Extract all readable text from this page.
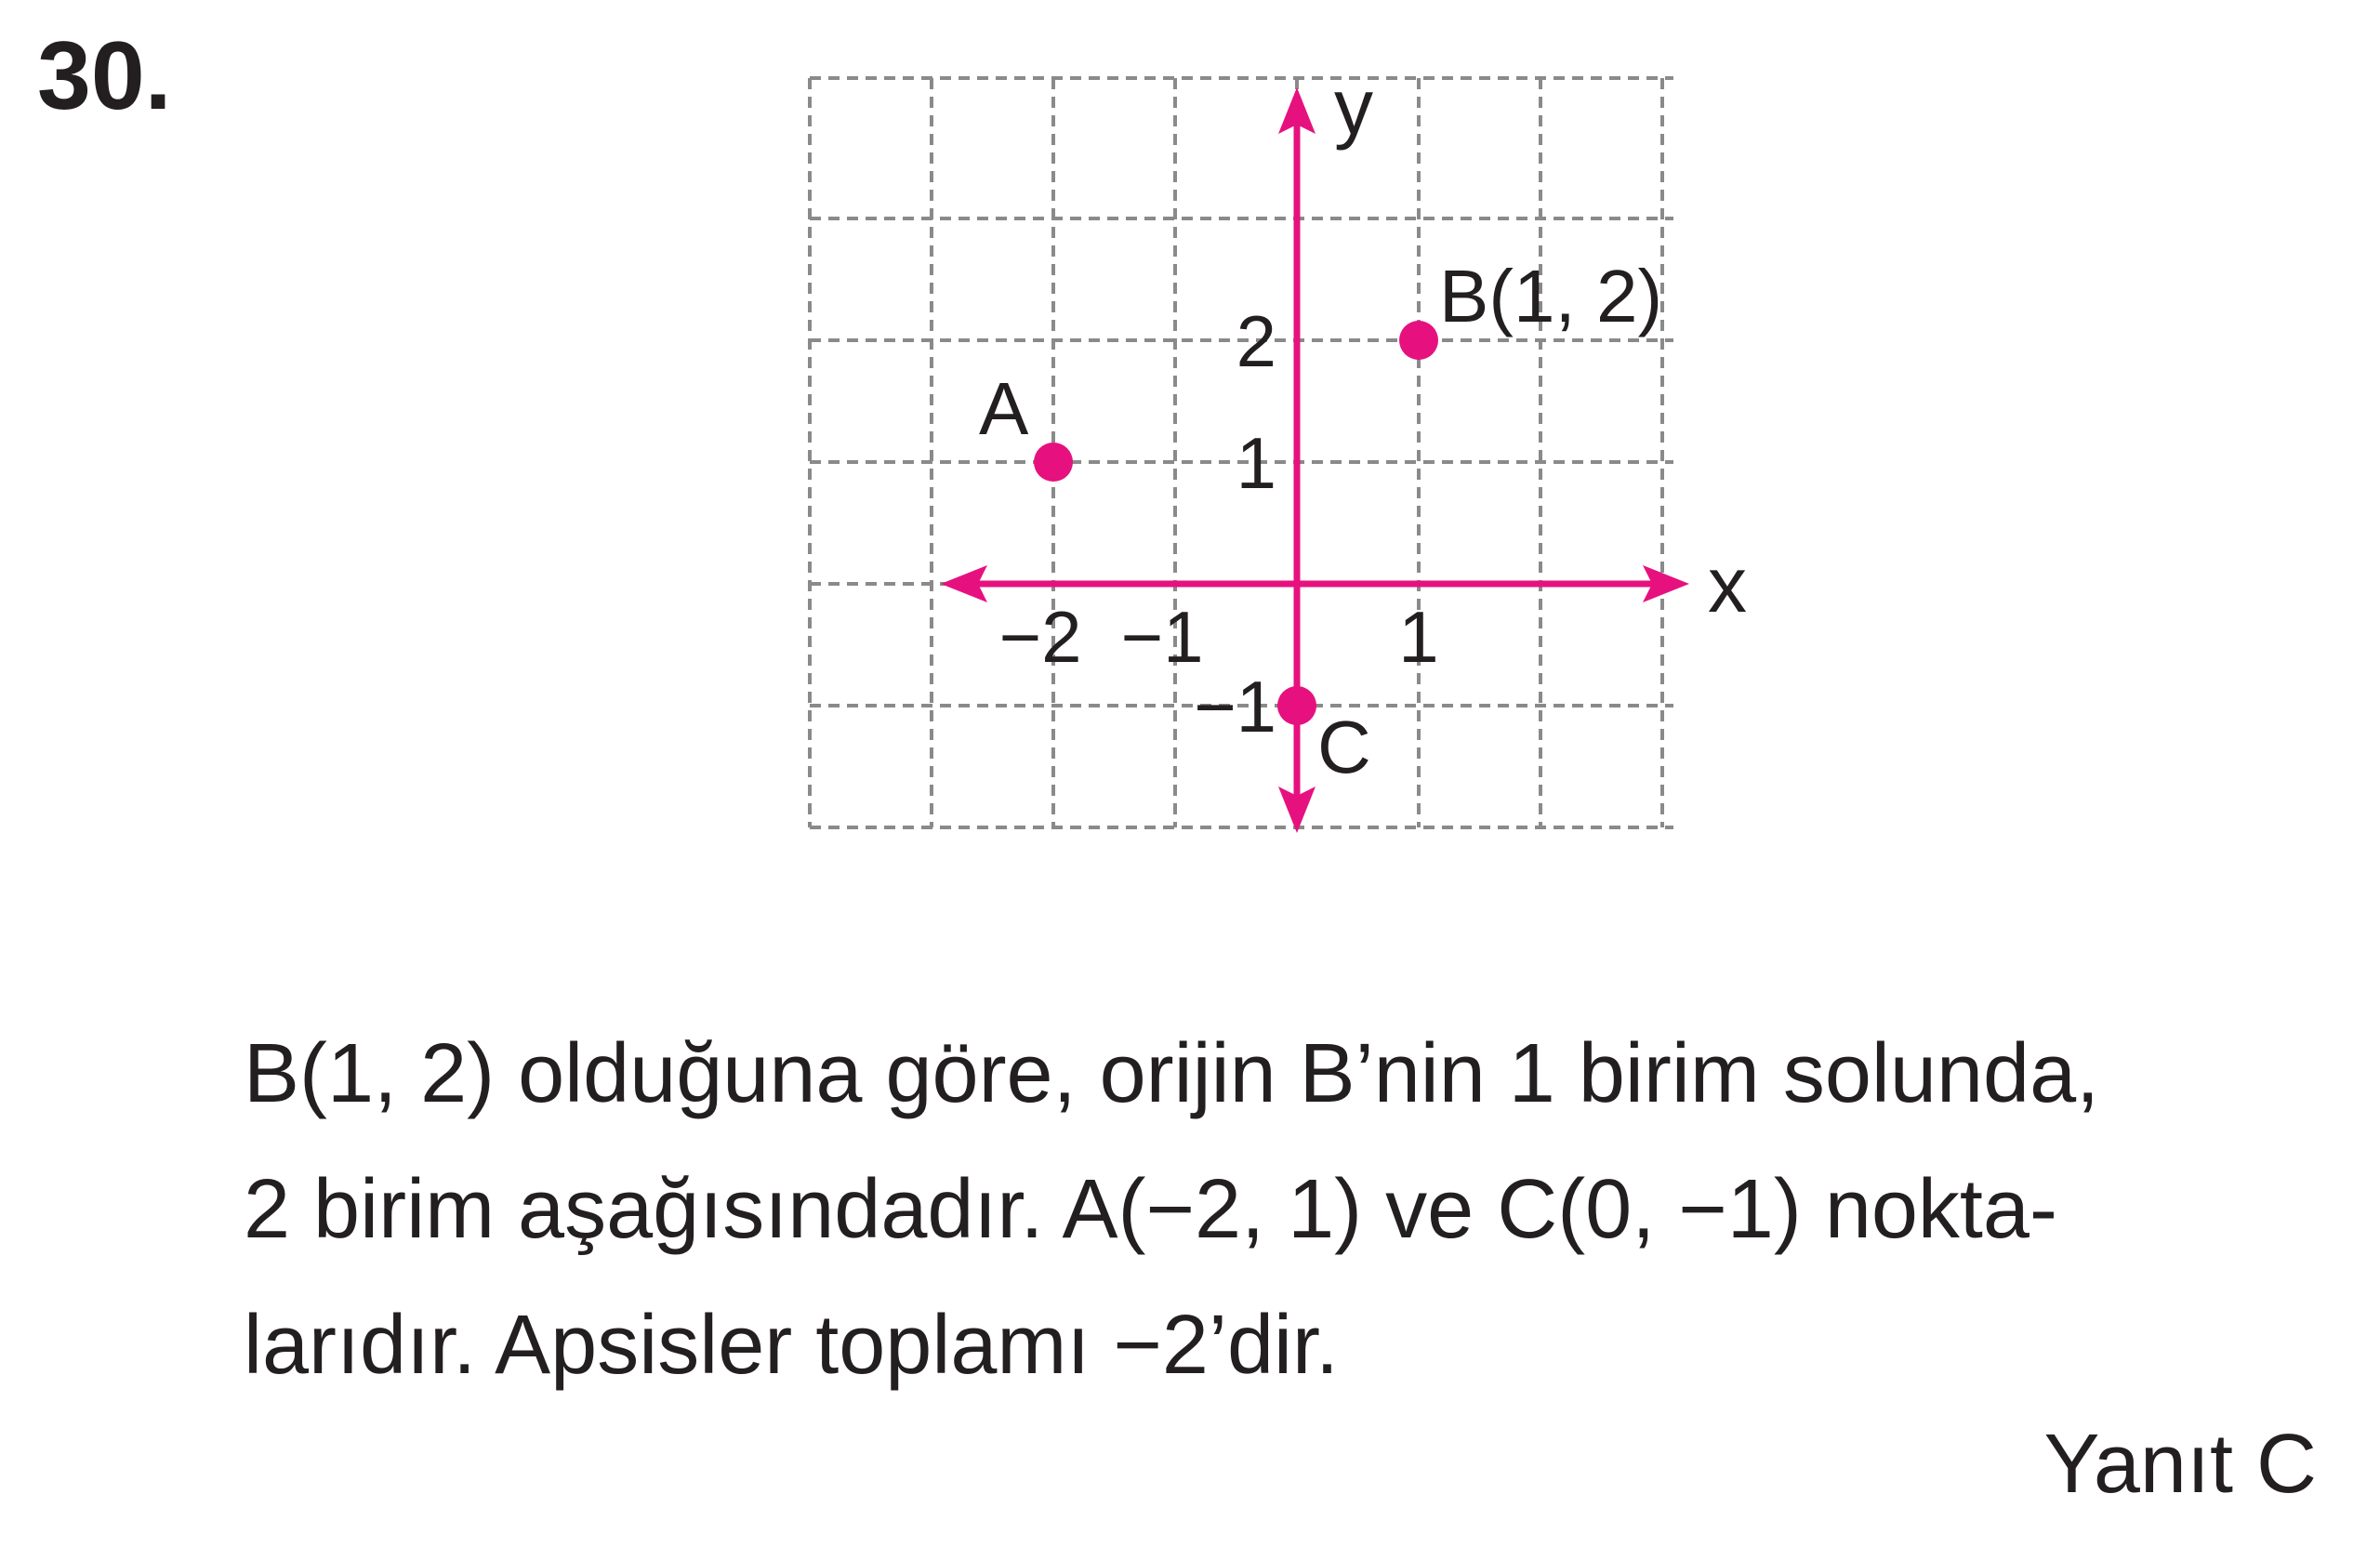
30.
x
y
−2 −1	1
2
1
−1
A
B(1, 2)
C

B(1, 2) olduğuna göre, orijin B’nin 1 birim solunda,

2 birim aşağısındadır. A(−2, 1) ve C(0, −1) nokta-

larıdır. Apsisler toplamı −2’dir.

Yanıt C
